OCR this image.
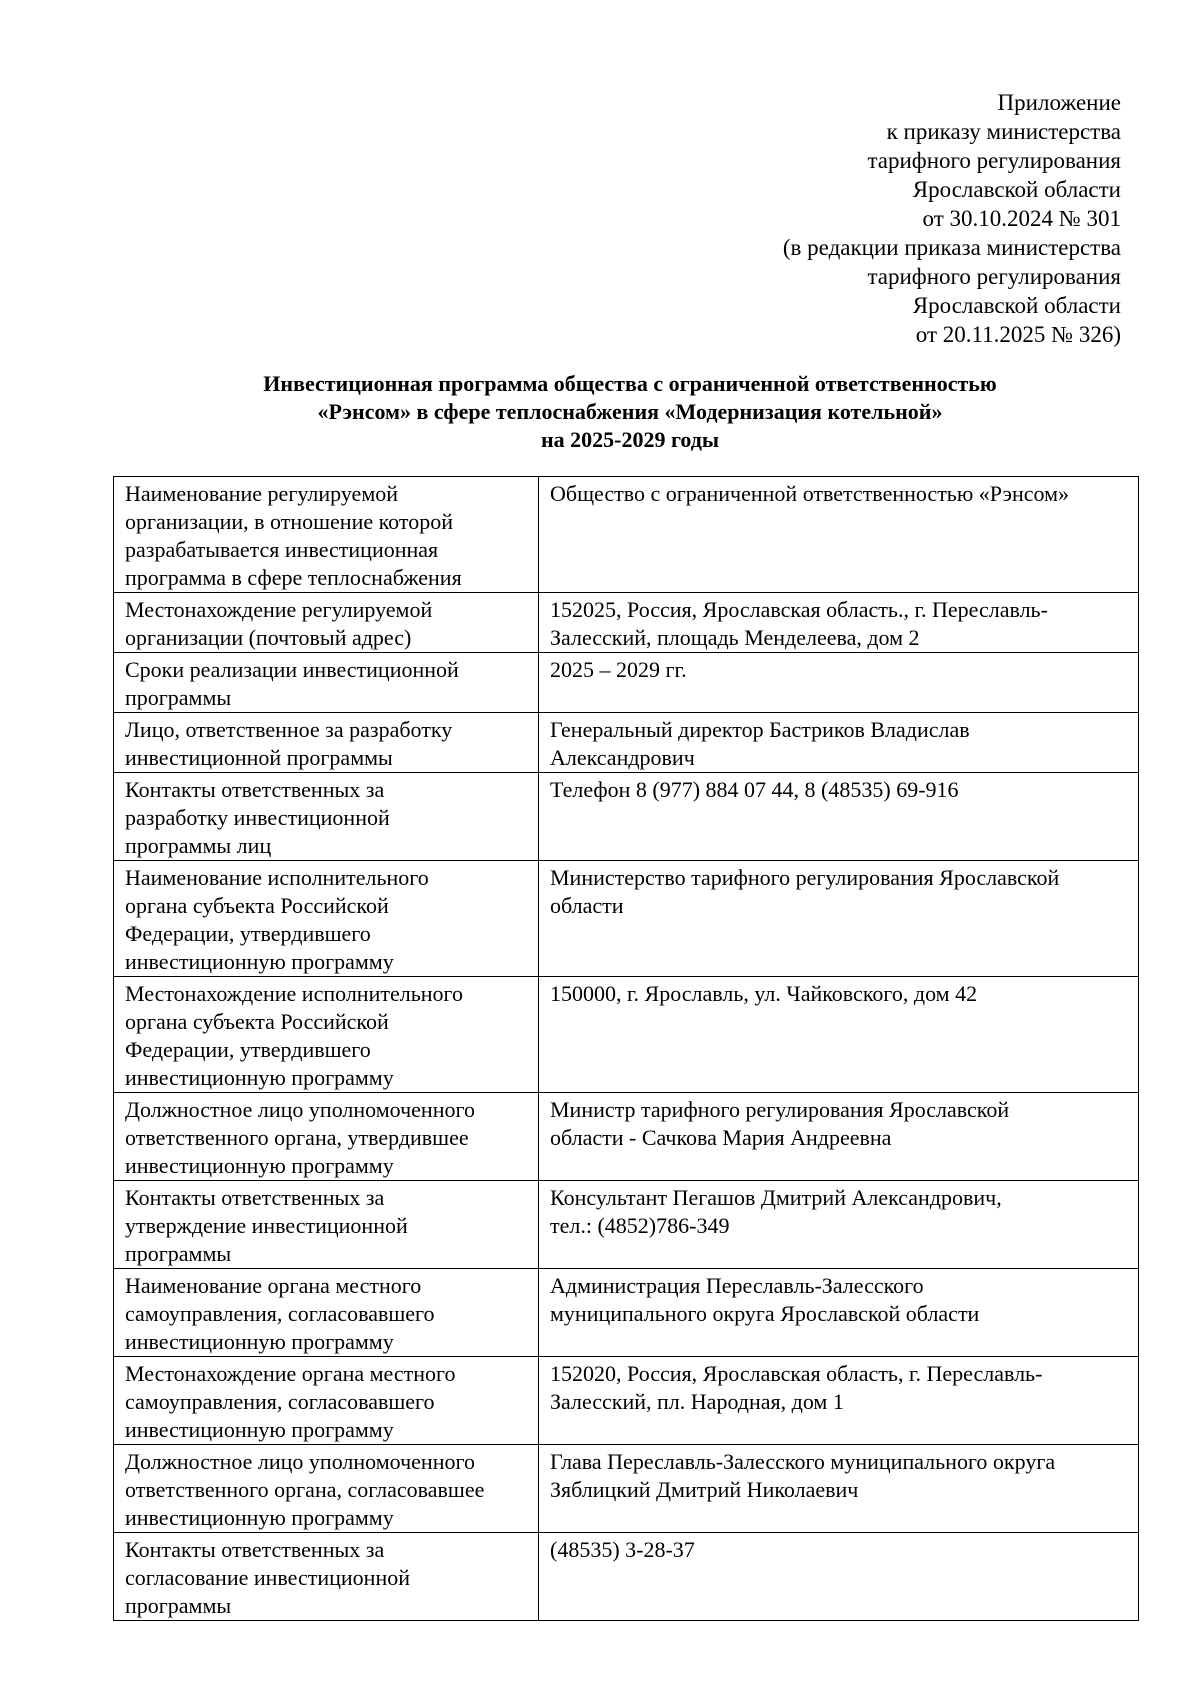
Приложение
к приказу министерства
тарифного регулирования
Ярославской области
от 30.10.2024 № 301
(в редакции приказа министерства
тарифного регулирования
Ярославской области
от 20.11.2025 № 326)
Инвестиционная программа общества с ограниченной ответственностью
«Рэнсом» в сфере теплоснабжения «Модернизация котельной»
на 2025-2029 годы
Наименование регулируемой
организации, в отношение которой
разрабатывается инвестиционная
программа в сфере теплоснабжения	Общество с ограниченной ответственностью «Рэнсом»

Местонахождение регулируемой
организации (почтовый адрес)	152025, Россия, Ярославская область., г. Переславль-
Залесский, площадь Менделеева, дом 2

Сроки реализации инвестиционной
программы	2025 – 2029 гг.

Лицо, ответственное за разработку
инвестиционной программы	Генеральный директор Бастриков Владислав
Александрович

Контакты ответственных за
разработку инвестиционной
программы лиц	Телефон 8 (977) 884 07 44, 8 (48535) 69-916

Наименование исполнительного
органа субъекта Российской
Федерации, утвердившего
инвестиционную программу	Министерство тарифного регулирования Ярославской
области

Местонахождение исполнительного
органа субъекта Российской
Федерации, утвердившего
инвестиционную программу	150000, г. Ярославль, ул. Чайковского, дом 42

Должностное лицо уполномоченного
ответственного органа, утвердившее
инвестиционную программу	Министр тарифного регулирования Ярославской
области - Сачкова Мария Андреевна

Контакты ответственных за
утверждение инвестиционной
программы	Консультант Пегашов Дмитрий Александрович,
тел.: (4852)786-349

Наименование органа местного
самоуправления, согласовавшего
инвестиционную программу	Администрация Переславль-Залесского
муниципального округа Ярославской области

Местонахождение органа местного
самоуправления, согласовавшего
инвестиционную программу	152020, Россия, Ярославская область, г. Переславль-
Залесский, пл. Народная, дом 1

Должностное лицо уполномоченного
ответственного органа, согласовавшее
инвестиционную программу	Глава Переславль-Залесского муниципального округа
Зяблицкий Дмитрий Николаевич

Контакты ответственных за
согласование инвестиционной
программы	(48535) 3-28-37
